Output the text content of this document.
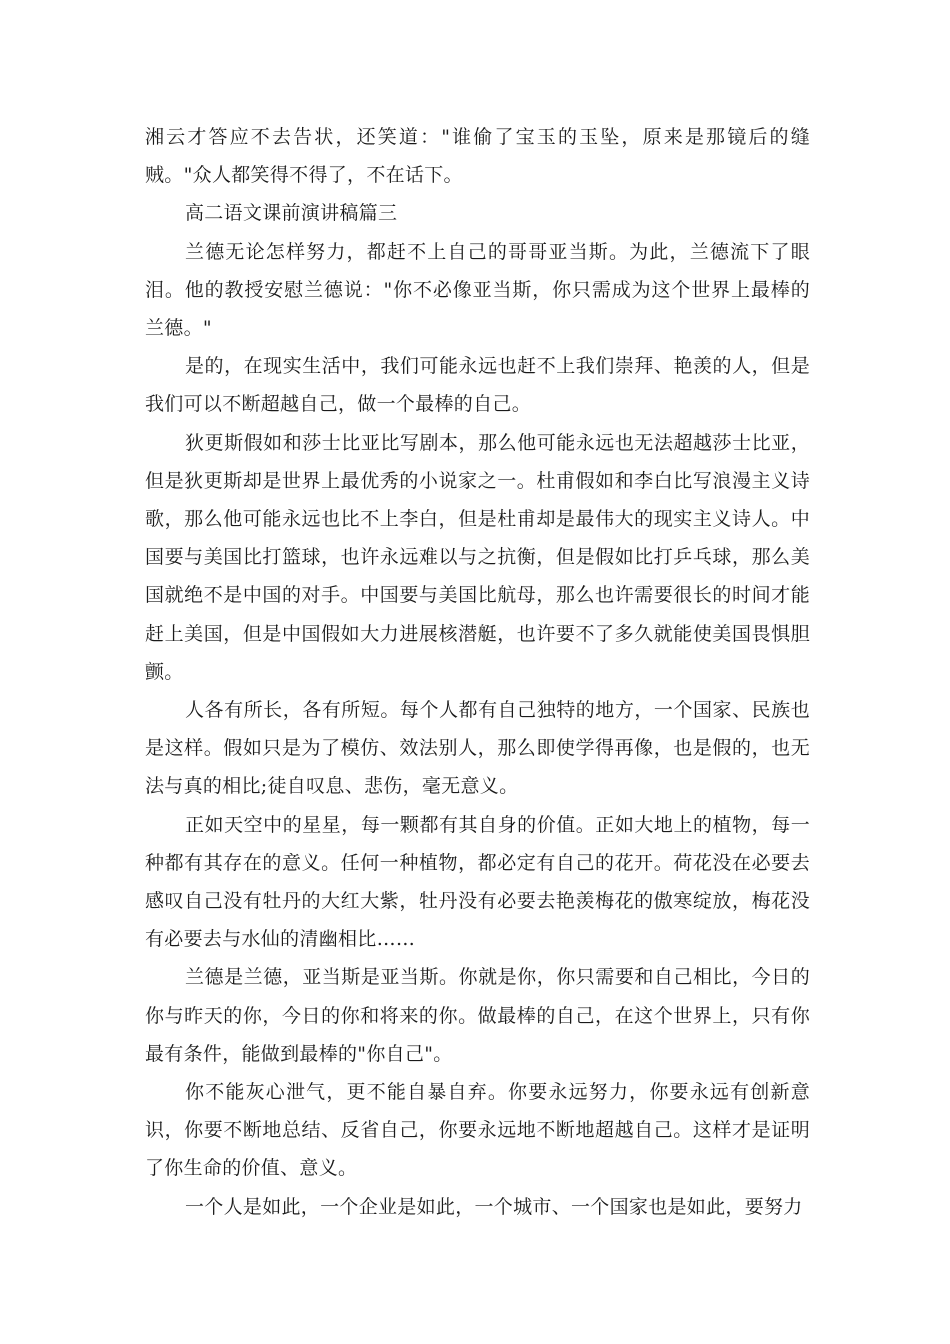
湘云才答应不去告状，还笑道："谁偷了宝玉的玉坠，原来是那镜后的缝贼。"众人都笑得不得了，不在话下。

高二语文课前演讲稿篇三

兰德无论怎样努力，都赶不上自己的哥哥亚当斯。为此，兰德流下了眼泪。他的教授安慰兰德说："你不必像亚当斯，你只需成为这个世界上最棒的兰德。"

是的，在现实生活中，我们可能永远也赶不上我们崇拜、艳羡的人，但是我们可以不断超越自己，做一个最棒的自己。

狄更斯假如和莎士比亚比写剧本，那么他可能永远也无法超越莎士比亚，但是狄更斯却是世界上最优秀的小说家之一。杜甫假如和李白比写浪漫主义诗歌，那么他可能永远也比不上李白，但是杜甫却是最伟大的现实主义诗人。中国要与美国比打篮球，也许永远难以与之抗衡，但是假如比打乒乓球，那么美国就绝不是中国的对手。中国要与美国比航母，那么也许需要很长的时间才能赶上美国，但是中国假如大力进展核潜艇，也许要不了多久就能使美国畏惧胆颤。

人各有所长，各有所短。每个人都有自己独特的地方，一个国家、民族也是这样。假如只是为了模仿、效法别人，那么即使学得再像，也是假的，也无法与真的相比;徒自叹息、悲伤，毫无意义。

正如天空中的星星，每一颗都有其自身的价值。正如大地上的植物，每一种都有其存在的意义。任何一种植物，都必定有自己的花开。荷花没在必要去感叹自己没有牡丹的大红大紫，牡丹没有必要去艳羡梅花的傲寒绽放，梅花没有必要去与水仙的清幽相比……

兰德是兰德，亚当斯是亚当斯。你就是你，你只需要和自己相比，今日的你与昨天的你，今日的你和将来的你。做最棒的自己，在这个世界上，只有你最有条件，能做到最棒的"你自己"。

你不能灰心泄气，更不能自暴自弃。你要永远努力，你要永远有创新意识，你要不断地总结、反省自己，你要永远地不断地超越自己。这样才是证明了你生命的价值、意义。

一个人是如此，一个企业是如此，一个城市、一个国家也是如此，要努力
